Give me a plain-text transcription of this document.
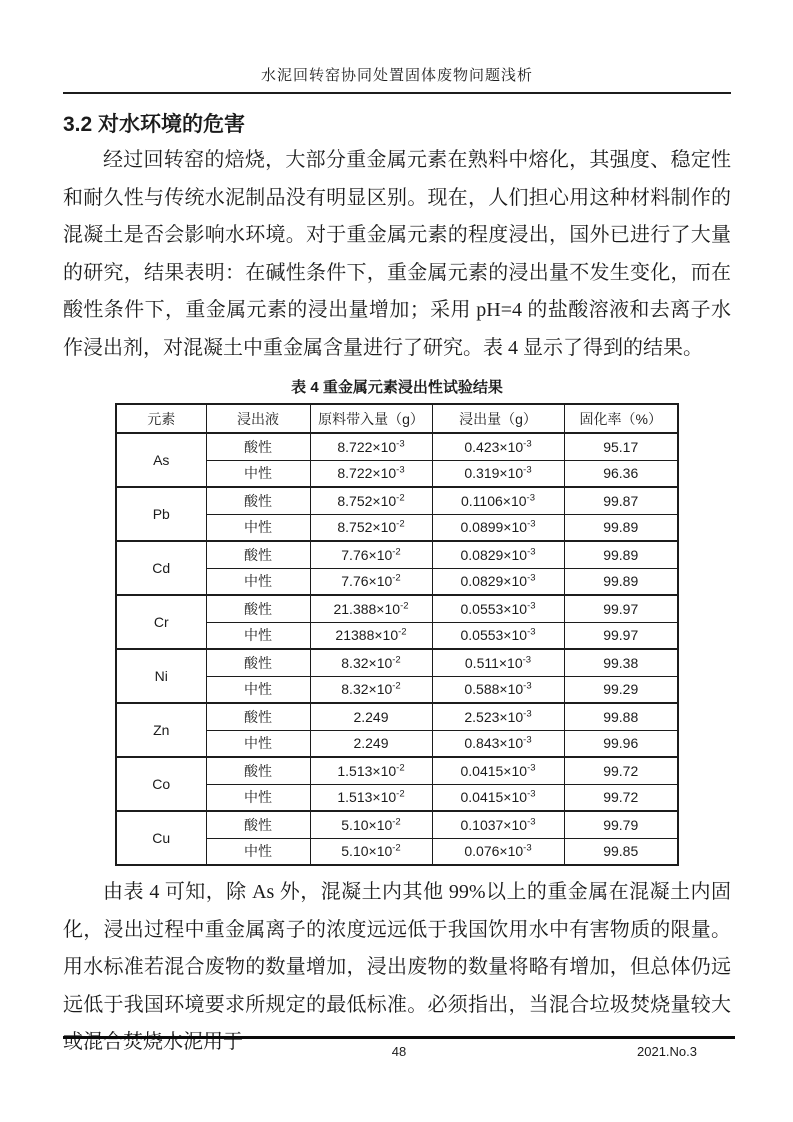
水泥回转窑协同处置固体废物问题浅析
3.2 对水环境的危害

经过回转窑的焙烧，大部分重金属元素在熟料中熔化，其强度、稳定性和耐久性与传统水泥制品没有明显区别。现在，人们担心用这种材料制作的混凝土是否会影响水环境。对于重金属元素的程度浸出，国外已进行了大量的研究，结果表明：在碱性条件下，重金属元素的浸出量不发生变化，而在酸性条件下，重金属元素的浸出量增加；采用 pH=4 的盐酸溶液和去离子水作浸出剂，对混凝土中重金属含量进行了研究。表 4 显示了得到的结果。

表 4 重金属元素浸出性试验结果
元素	浸出液	原料带入量（g）	浸出量（g）	固化率（%）
As	酸性	$8.722\times 10^{-3}$	$0.423\times 10^{-3}$	95.17
	中性	$8.722\times 10^{-3}$	$0.319\times 10^{-3}$	96.36
Pb	酸性	$8.752\times 10^{-2}$	$0.1106\times 10^{-3}$	99.87
	中性	$8.752\times 10^{-2}$	$0.0899\times 10^{-3}$	99.89
Cd	酸性	$7.76\times 10^{-2}$	$0.0829\times 10^{-3}$	99.89
	中性	$7.76\times 10^{-2}$	$0.0829\times 10^{-3}$	99.89
Cr	酸性	$21.388\times 10^{-2}$	$0.0553\times 10^{-3}$	99.97
	中性	$21388\times 10^{-2}$	$0.0553\times 10^{-3}$	99.97
Ni	酸性	$8.32\times 10^{-2}$	$0.511\times 10^{-3}$	99.38
	中性	$8.32\times 10^{-2}$	$0.588\times 10^{-3}$	99.29
Zn	酸性	2.249	$2.523\times 10^{-3}$	99.88
	中性	2.249	$0.843\times 10^{-3}$	99.96
Co	酸性	$1.513\times 10^{-2}$	$0.0415\times 10^{-3}$	99.72
	中性	$1.513\times 10^{-2}$	$0.0415\times 10^{-3}$	99.72
Cu	酸性	$5.10\times 10^{-2}$	$0.1037\times 10^{-3}$	99.79
	中性	$5.10\times 10^{-2}$	$0.076\times 10^{-3}$	99.85

由表 4 可知，除 As 外，混凝土内其他 99%以上的重金属在混凝土内固化，浸出过程中重金属离子的浓度远远低于我国饮用水中有害物质的限量。用水标准若混合废物的数量增加，浸出废物的数量将略有增加，但总体仍远远低于我国环境要求所规定的最低标准。必须指出，当混合垃圾焚烧量较大或混合焚烧水泥用于	48	2021.No.3
